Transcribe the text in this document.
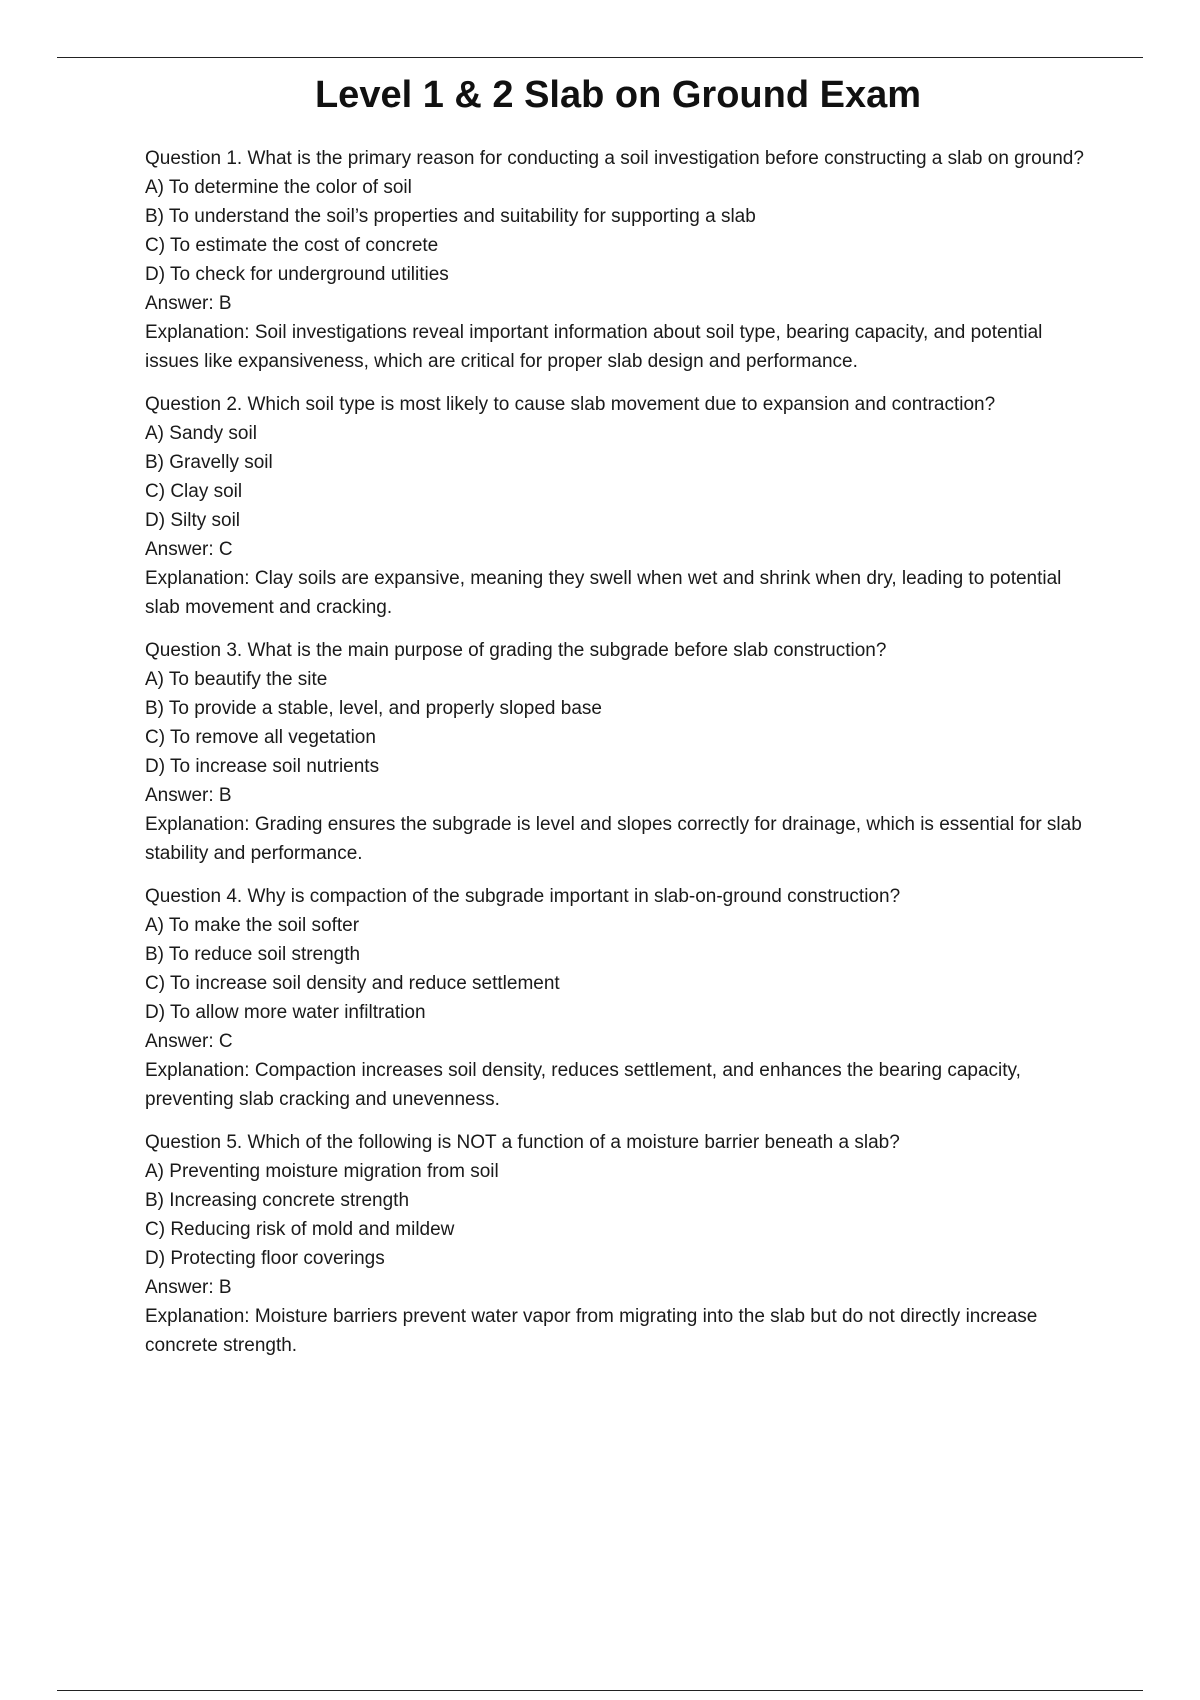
Level 1 & 2 Slab on Ground Exam

Question 1. What is the primary reason for conducting a soil investigation before constructing a slab on ground?

A) To determine the color of soil

B) To understand the soil’s properties and suitability for supporting a slab

C) To estimate the cost of concrete

D) To check for underground utilities

Answer: B

Explanation: Soil investigations reveal important information about soil type, bearing capacity, and potential issues like expansiveness, which are critical for proper slab design and performance.

Question 2. Which soil type is most likely to cause slab movement due to expansion and contraction?

A) Sandy soil

B) Gravelly soil

C) Clay soil

D) Silty soil

Answer: C

Explanation: Clay soils are expansive, meaning they swell when wet and shrink when dry, leading to potential slab movement and cracking.

Question 3. What is the main purpose of grading the subgrade before slab construction?

A) To beautify the site

B) To provide a stable, level, and properly sloped base

C) To remove all vegetation

D) To increase soil nutrients

Answer: B

Explanation: Grading ensures the subgrade is level and slopes correctly for drainage, which is essential for slab stability and performance.

Question 4. Why is compaction of the subgrade important in slab-on-ground construction?

A) To make the soil softer

B) To reduce soil strength

C) To increase soil density and reduce settlement

D) To allow more water infiltration

Answer: C

Explanation: Compaction increases soil density, reduces settlement, and enhances the bearing capacity, preventing slab cracking and unevenness.

Question 5. Which of the following is NOT a function of a moisture barrier beneath a slab?

A) Preventing moisture migration from soil

B) Increasing concrete strength

C) Reducing risk of mold and mildew

D) Protecting floor coverings

Answer: B

Explanation: Moisture barriers prevent water vapor from migrating into the slab but do not directly increase concrete strength.
